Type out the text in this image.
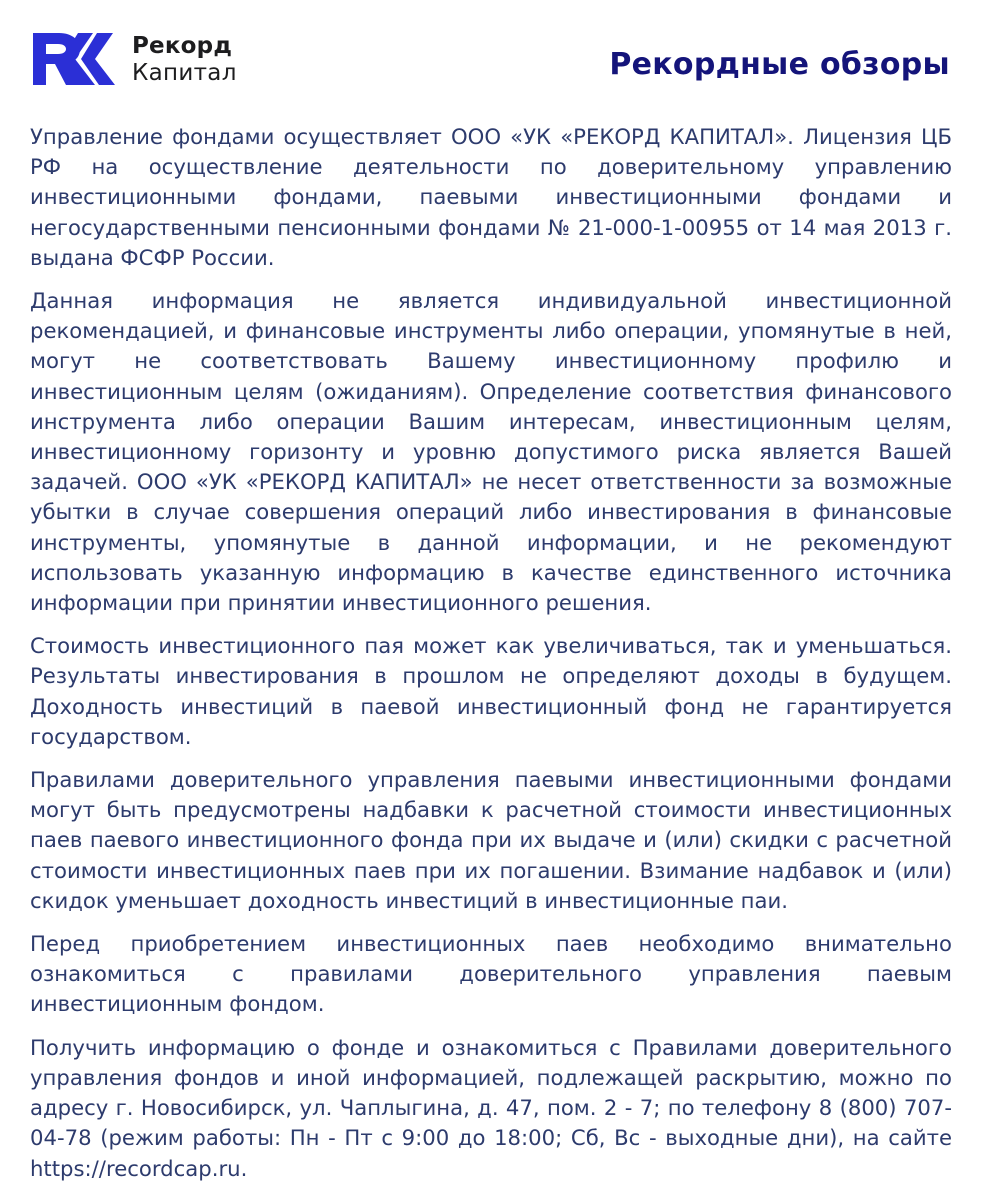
Рекорд
Капитал	Рекордные обзоры

Управление фондами осуществляет ООО «УК «РЕКОРД КАПИТАЛ». Лицензия ЦБ РФ на осуществление деятельности по доверительному управлению инвестиционными фондами, паевыми инвестиционными фондами и негосударственными пенсионными фондами № 21-000-1-00955 от 14 мая 2013 г. выдана ФСФР России.

Данная информация не является индивидуальной инвестиционной рекомендацией, и финансовые инструменты либо операции, упомянутые в ней, могут не соответствовать Вашему инвестиционному профилю и инвестиционным целям (ожиданиям). Определение соответствия финансового инструмента либо операции Вашим интересам, инвестиционным целям, инвестиционному горизонту и уровню допустимого риска является Вашей задачей. ООО «УК «РЕКОРД КАПИТАЛ» не несет ответственности за возможные убытки в случае совершения операций либо инвестирования в финансовые инструменты, упомянутые в данной информации, и не рекомендуют использовать указанную информацию в качестве единственного источника информации при принятии инвестиционного решения.

Стоимость инвестиционного пая может как увеличиваться, так и уменьшаться. Результаты инвестирования в прошлом не определяют доходы в будущем. Доходность инвестиций в паевой инвестиционный фонд не гарантируется государством.

Правилами доверительного управления паевыми инвестиционными фондами могут быть предусмотрены надбавки к расчетной стоимости инвестиционных паев паевого инвестиционного фонда при их выдаче и (или) скидки с расчетной стоимости инвестиционных паев при их погашении. Взимание надбавок и (или) скидок уменьшает доходность инвестиций в инвестиционные паи.

Перед приобретением инвестиционных паев необходимо внимательно ознакомиться с правилами доверительного управления паевым инвестиционным фондом.

Получить информацию о фонде и ознакомиться с Правилами доверительного управления фондов и иной информацией, подлежащей раскрытию, можно по адресу г. Новосибирск, ул. Чаплыгина, д. 47, пом. 2 - 7; по телефону 8 (800) 707-04-78 (режим работы: Пн - Пт с 9:00 до 18:00; Сб, Вс - выходные дни), на сайте https://recordcap.ru.
